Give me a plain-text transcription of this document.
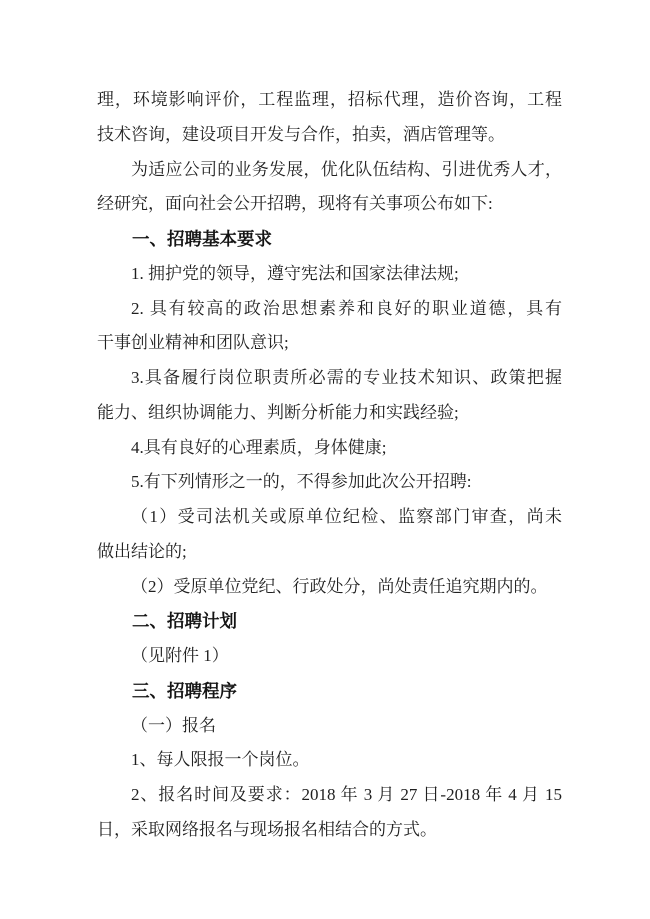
理，环境影响评价，工程监理，招标代理，造价咨询，工程
技术咨询，建设项目开发与合作，拍卖，酒店管理等。
为适应公司的业务发展，优化队伍结构、引进优秀人才，
经研究，面向社会公开招聘，现将有关事项公布如下:
一、招聘基本要求
1. 拥护党的领导，遵守宪法和国家法律法规;
2. 具有较高的政治思想素养和良好的职业道德，具有
干事创业精神和团队意识;
3.具备履行岗位职责所必需的专业技术知识、政策把握
能力、组织协调能力、判断分析能力和实践经验;
4.具有良好的心理素质，身体健康;
5.有下列情形之一的，不得参加此次公开招聘:
（1）受司法机关或原单位纪检、监察部门审查，尚未
做出结论的;
（2）受原单位党纪、行政处分，尚处责任追究期内的。
二、招聘计划
（见附件 1）
三、招聘程序
（一）报名
1、每人限报一个岗位。
2、报名时间及要求：2018 年 3 月 27 日-2018 年 4 月 15
日，采取网络报名与现场报名相结合的方式。
